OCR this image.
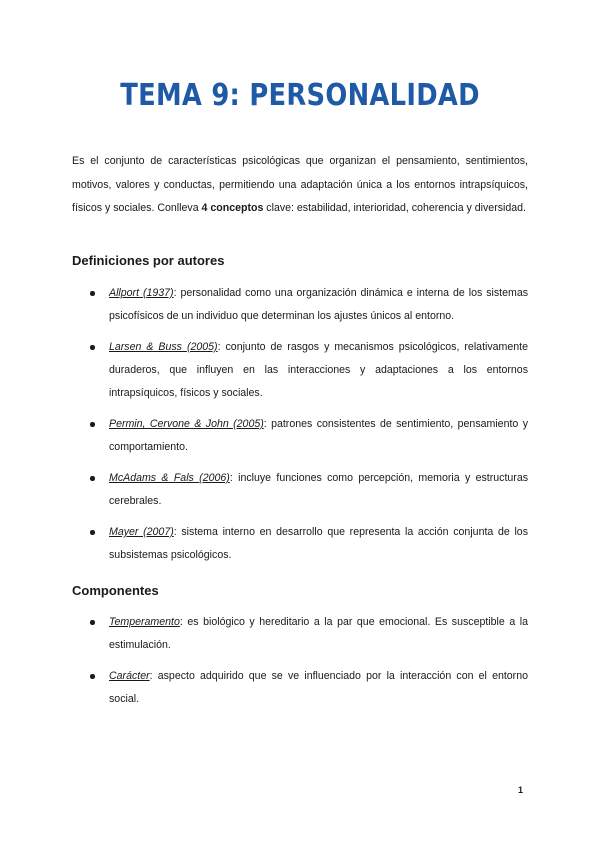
TEMA 9: PERSONALIDAD

Es el conjunto de características psicológicas que organizan el pensamiento, sentimientos, motivos, valores y conductas, permitiendo una adaptación única a los entornos intrapsíquicos, físicos y sociales. Conlleva 4 conceptos clave: estabilidad, interioridad, coherencia y diversidad.

Definiciones por autores
Allport (1937): personalidad como una organización dinámica e interna de los sistemas psicofísicos de un individuo que determinan los ajustes únicos al entorno.
Larsen & Buss (2005): conjunto de rasgos y mecanismos psicológicos, relativamente duraderos, que influyen en las interacciones y adaptaciones a los entornos intrapsíquicos, físicos y sociales.
Permin, Cervone & John (2005): patrones consistentes de sentimiento, pensamiento y comportamiento.
McAdams & Fals (2006): incluye funciones como percepción, memoria y estructuras cerebrales.
Mayer (2007): sistema interno en desarrollo que representa la acción conjunta de los subsistemas psicológicos.
Componentes
Temperamento: es biológico y hereditario a la par que emocional. Es susceptible a la estimulación.
Carácter: aspecto adquirido que se ve influenciado por la interacción con el entorno social.
1
